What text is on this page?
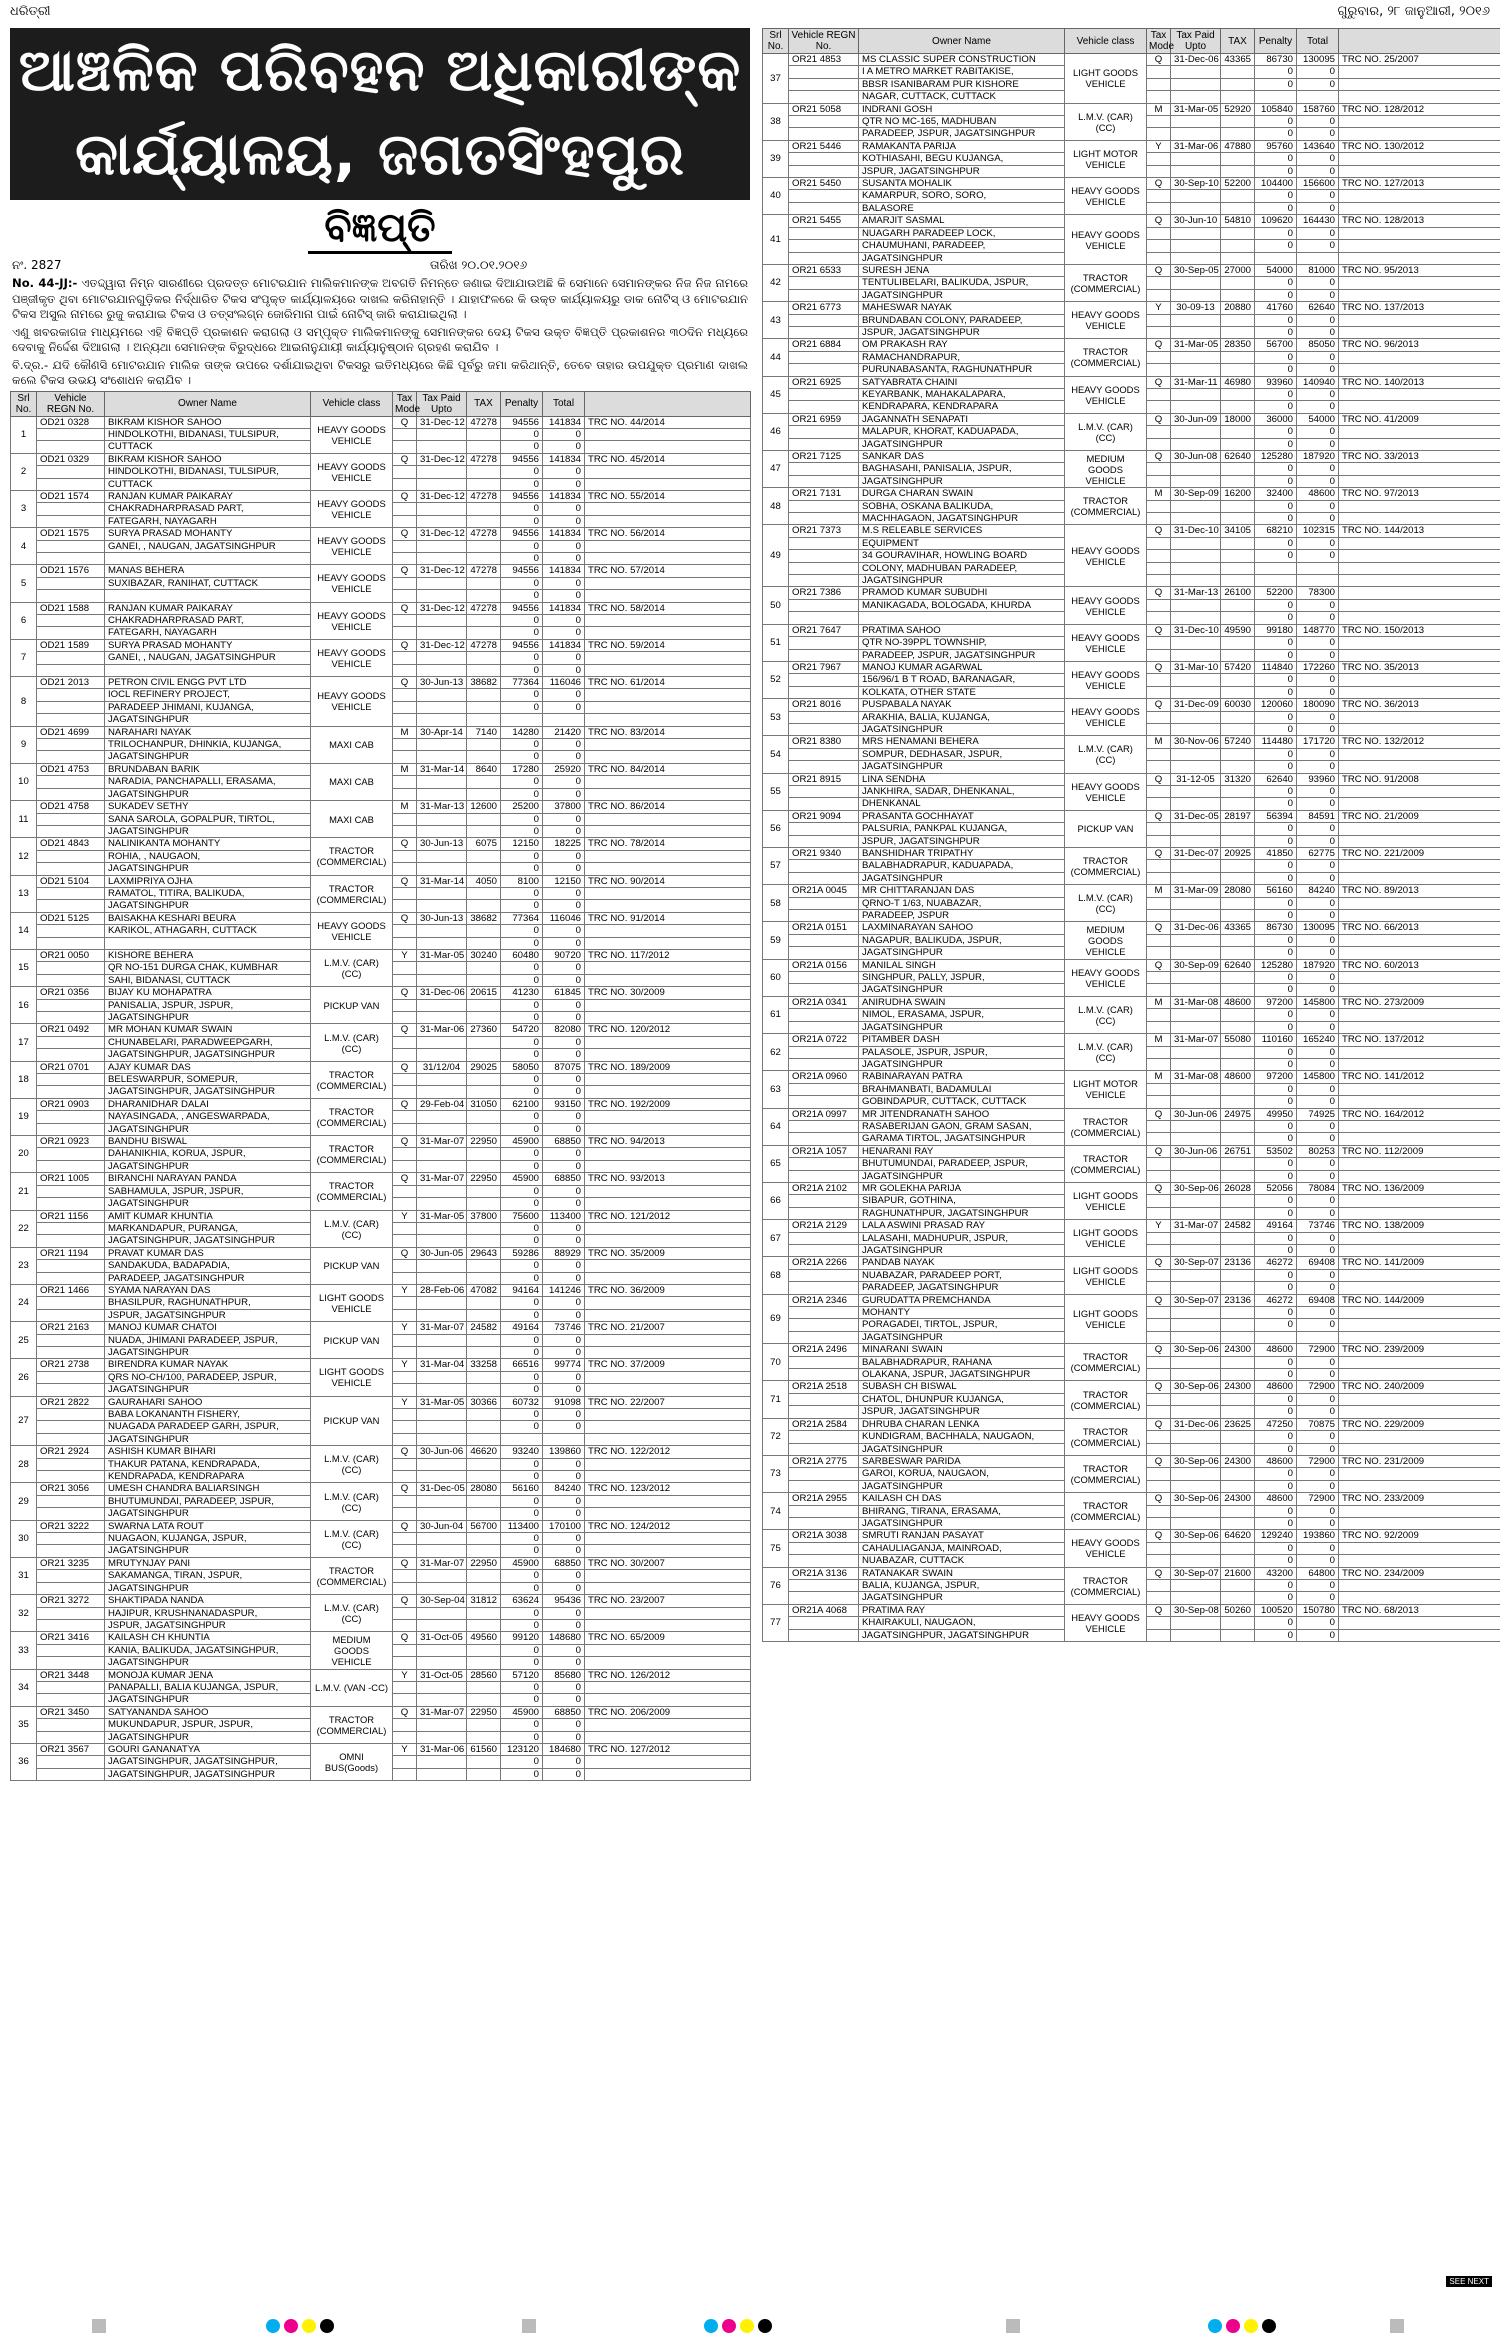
ଧରିତ୍ରୀ	ଗୁରୁବାର, ୨୮ ଜାନୁଆରୀ, ୨୦୧୬
ଆଞ୍ଚଳିକ ପରିବହନ ଅଧିକାରୀଙ୍କ
କାର୍ଯ୍ୟାଳୟ, ଜଗତସିଂହପୁର
ବିଜ୍ଞପ୍ତି
ନଂ. 2827	ତାରିଖ ୨୦.୦୧.୨୦୧୬

No. 44-JJ:- ଏତଦ୍ଦ୍ୱାରା ନିମ୍ନ ସାରଣୀରେ ପ୍ରଦତ୍ତ ମୋଟରଯାନ ମାଲିକମାନଙ୍କ ଅବଗତି ନିମନ୍ତେ ଜଣାଇ ଦିଆଯାଉଅଛି କି ସେମାନେ ସେମାନଙ୍କର ନିଜ ନିଜ ନାମରେ ପଞ୍ଜୀକୃତ ଥିବା ମୋଟରଯାନଗୁଡ଼ିକର ନିର୍ଦ୍ଧାରିତ ଟିକସ ସଂପୃକ୍ତ କାର୍ଯ୍ୟାଳୟରେ ଦାଖଲ କରିନାହାନ୍ତି । ଯାହାଫଳରେ କି ଉକ୍ତ କାର୍ଯ୍ୟାଳୟରୁ ଡାକ ନୋଟିସ୍ ଓ ମୋଟରଯାନ ଟିକସ ଅସୁଲ ନାମରେ ରୁଜୁ କରାଯାଇ ଟିକସ ଓ ତତ୍ସଂଲଗ୍ନ ଜୋରିମାନା ପାଇଁ ନୋଟିସ୍ ଜାରି କରାଯାଇଥିଲା ।

ଏଣୁ ଖବରକାଗଜ ମାଧ୍ୟମରେ ଏହି ବିଜ୍ଞପ୍ତି ପ୍ରକାଶନ କରାଗଲା ଓ ସମ୍ପୃକ୍ତ ମାଲିକମାନଙ୍କୁ ସେମାନଙ୍କର ଦେୟ ଟିକସ ଉକ୍ତ ବିଜ୍ଞପ୍ତି ପ୍ରକାଶନର ୩୦ଦିନ ମଧ୍ୟରେ ଦେବାକୁ ନିର୍ଦ୍ଦେଶ ଦିଆଗଲା । ଅନ୍ୟଥା ସେମାନଙ୍କ ବିରୁଦ୍ଧରେ ଆଇନାନୁଯାୟୀ କାର୍ଯ୍ୟାନୁଷ୍ଠାନ ଗ୍ରହଣ କରାଯିବ ।

ବି.ଦ୍ର.- ଯଦି କୌଣସି ମୋଟରଯାନ ମାଲିକ ତାଙ୍କ ଉପରେ ଦର୍ଶାଯାଇଥିବା ଟିକସରୁ ଇତିମଧ୍ୟରେ କିଛି ପୂର୍ବରୁ ଜମା କରିଥାନ୍ତି, ତେବେ ତାହାର ଉପଯୁକ୍ତ ପ୍ରମାଣ ଦାଖଲ କଲେ ଟିକସ ଉଭୟ ସଂଶୋଧନ କରାଯିବ ।

Srl No.	Vehicle REGN No.	Owner Name	Vehicle class	Tax Mode	Tax Paid Upto	TAX	Penalty	Total	
1	OD21 0328	BIKRAM KISHOR SAHOO	HEAVY GOODS VEHICLE	Q	31-Dec-12	47278	94556	141834	TRC NO. 44/2014
		HINDOLKOTHI, BIDANASI, TULSIPUR,					0	0	
		CUTTACK					0	0	
2	OD21 0329	BIKRAM KISHOR SAHOO	HEAVY GOODS VEHICLE	Q	31-Dec-12	47278	94556	141834	TRC NO. 45/2014
		HINDOLKOTHI, BIDANASI, TULSIPUR,					0	0	
		CUTTACK					0	0	
3	OD21 1574	RANJAN KUMAR PAIKARAY	HEAVY GOODS VEHICLE	Q	31-Dec-12	47278	94556	141834	TRC NO. 55/2014
		CHAKRADHARPRASAD PART,					0	0	
		FATEGARH, NAYAGARH					0	0	
4	OD21 1575	SURYA PRASAD MOHANTY	HEAVY GOODS VEHICLE	Q	31-Dec-12	47278	94556	141834	TRC NO. 56/2014
		GANEI, , NAUGAN, JAGATSINGHPUR					0	0	
							0	0	
5	OD21 1576	MANAS BEHERA	HEAVY GOODS VEHICLE	Q	31-Dec-12	47278	94556	141834	TRC NO. 57/2014
		SUXIBAZAR, RANIHAT, CUTTACK					0	0	
							0	0	
6	OD21 1588	RANJAN KUMAR PAIKARAY	HEAVY GOODS VEHICLE	Q	31-Dec-12	47278	94556	141834	TRC NO. 58/2014
		CHAKRADHARPRASAD PART,					0	0	
		FATEGARH, NAYAGARH					0	0	
7	OD21 1589	SURYA PRASAD MOHANTY	HEAVY GOODS VEHICLE	Q	31-Dec-12	47278	94556	141834	TRC NO. 59/2014
		GANEI, , NAUGAN, JAGATSINGHPUR					0	0	
							0	0	
8	OD21 2013	PETRON CIVIL ENGG PVT LTD	HEAVY GOODS VEHICLE	Q	30-Jun-13	38682	77364	116046	TRC NO. 61/2014
		IOCL REFINERY PROJECT,					0	0	
		PARADEEP JHIMANI, KUJANGA,					0	0	
		JAGATSINGHPUR							
9	OD21 4699	NARAHARI NAYAK	MAXI CAB	M	30-Apr-14	7140	14280	21420	TRC NO. 83/2014
		TRILOCHANPUR, DHINKIA, KUJANGA,					0	0	
		JAGATSINGHPUR					0	0	
10	OD21 4753	BRUNDABAN BARIK	MAXI CAB	M	31-Mar-14	8640	17280	25920	TRC NO. 84/2014
		NARADIA, PANCHAPALLI, ERASAMA,					0	0	
		JAGATSINGHPUR					0	0	
11	OD21 4758	SUKADEV SETHY	MAXI CAB	M	31-Mar-13	12600	25200	37800	TRC NO. 86/2014
		SANA SAROLA, GOPALPUR, TIRTOL,					0	0	
		JAGATSINGHPUR					0	0	
12	OD21 4843	NALINIKANTA MOHANTY	TRACTOR (COMMERCIAL)	Q	30-Jun-13	6075	12150	18225	TRC NO. 78/2014
		ROHIA, , NAUGAON,					0	0	
		JAGATSINGHPUR					0	0	
13	OD21 5104	LAXMIPRIYA OJHA	TRACTOR (COMMERCIAL)	Q	31-Mar-14	4050	8100	12150	TRC NO. 90/2014
		RAMATOL, TITIRA, BALIKUDA,					0	0	
		JAGATSINGHPUR					0	0	
14	OD21 5125	BAISAKHA KESHARI BEURA	HEAVY GOODS VEHICLE	Q	30-Jun-13	38682	77364	116046	TRC NO. 91/2014
		KARIKOL, ATHAGARH, CUTTACK					0	0	
							0	0	
15	OR21 0050	KISHORE BEHERA	L.M.V. (CAR) (CC)	Y	31-Mar-05	30240	60480	90720	TRC NO. 117/2012
		QR NO-151 DURGA CHAK, KUMBHAR					0	0	
		SAHI, BIDANASI, CUTTACK					0	0	
16	OR21 0356	BIJAY KU MOHAPATRA	PICKUP VAN	Q	31-Dec-06	20615	41230	61845	TRC NO. 30/2009
		PANISALIA, JSPUR, JSPUR,					0	0	
		JAGATSINGHPUR					0	0	
17	OR21 0492	MR MOHAN KUMAR SWAIN	L.M.V. (CAR) (CC)	Q	31-Mar-06	27360	54720	82080	TRC NO. 120/2012
		CHUNABELARI, PARADWEEPGARH,					0	0	
		JAGATSINGHPUR, JAGATSINGHPUR					0	0	
18	OR21 0701	AJAY KUMAR DAS	TRACTOR (COMMERCIAL)	Q	31/12/04	29025	58050	87075	TRC NO. 189/2009
		BELESWARPUR, SOMEPUR,					0	0	
		JAGATSINGHPUR, JAGATSINGHPUR					0	0	
19	OR21 0903	DHARANIDHAR DALAI	TRACTOR (COMMERCIAL)	Q	29-Feb-04	31050	62100	93150	TRC NO. 192/2009
		NAYASINGADA, , ANGESWARPADA,					0	0	
		JAGATSINGHPUR					0	0	
20	OR21 0923	BANDHU BISWAL	TRACTOR (COMMERCIAL)	Q	31-Mar-07	22950	45900	68850	TRC NO. 94/2013
		DAHANIKHIA, KORUA, JSPUR,					0	0	
		JAGATSINGHPUR					0	0	
21	OR21 1005	BIRANCHI NARAYAN PANDA	TRACTOR (COMMERCIAL)	Q	31-Mar-07	22950	45900	68850	TRC NO. 93/2013
		SABHAMULA, JSPUR, JSPUR,					0	0	
		JAGATSINGHPUR					0	0	
22	OR21 1156	AMIT KUMAR KHUNTIA	L.M.V. (CAR) (CC)	Y	31-Mar-05	37800	75600	113400	TRC NO. 121/2012
		MARKANDAPUR, PURANGA,					0	0	
		JAGATSINGHPUR, JAGATSINGHPUR					0	0	
23	OR21 1194	PRAVAT KUMAR DAS	PICKUP VAN	Q	30-Jun-05	29643	59286	88929	TRC NO. 35/2009
		SANDAKUDA, BADAPADIA,					0	0	
		PARADEEP, JAGATSINGHPUR					0	0	
24	OR21 1466	SYAMA NARAYAN DAS	LIGHT GOODS VEHICLE	Y	28-Feb-06	47082	94164	141246	TRC NO. 36/2009
		BHASILPUR, RAGHUNATHPUR,					0	0	
		JSPUR, JAGATSINGHPUR					0	0	
25	OR21 2163	MANOJ KUMAR CHATOI	PICKUP VAN	Y	31-Mar-07	24582	49164	73746	TRC NO. 21/2007
		NUADA, JHIMANI PARADEEP, JSPUR,					0	0	
		JAGATSINGHPUR					0	0	
26	OR21 2738	BIRENDRA KUMAR NAYAK	LIGHT GOODS VEHICLE	Y	31-Mar-04	33258	66516	99774	TRC NO. 37/2009
		QRS NO-CH/100, PARADEEP, JSPUR,					0	0	
		JAGATSINGHPUR					0	0	
27	OR21 2822	GAURAHARI SAHOO	PICKUP VAN	Y	31-Mar-05	30366	60732	91098	TRC NO. 22/2007
		BABA LOKANANTH FISHERY,					0	0	
		NUAGADA PARADEEP GARH, JSPUR,					0	0	
		JAGATSINGHPUR							
28	OR21 2924	ASHISH KUMAR BIHARI	L.M.V. (CAR) (CC)	Q	30-Jun-06	46620	93240	139860	TRC NO. 122/2012
		THAKUR PATANA, KENDRAPADA,					0	0	
		KENDRAPADA, KENDRAPARA					0	0	
29	OR21 3056	UMESH CHANDRA BALIARSINGH	L.M.V. (CAR) (CC)	Q	31-Dec-05	28080	56160	84240	TRC NO. 123/2012
		BHUTUMUNDAI, PARADEEP, JSPUR,					0	0	
		JAGATSINGHPUR					0	0	
30	OR21 3222	SWARNA LATA ROUT	L.M.V. (CAR) (CC)	Q	30-Jun-04	56700	113400	170100	TRC NO. 124/2012
		NUAGAON, KUJANGA, JSPUR,					0	0	
		JAGATSINGHPUR					0	0	
31	OR21 3235	MRUTYNJAY PANI	TRACTOR (COMMERCIAL)	Q	31-Mar-07	22950	45900	68850	TRC NO. 30/2007
		SAKAMANGA, TIRAN, JSPUR,					0	0	
		JAGATSINGHPUR					0	0	
32	OR21 3272	SHAKTIPADA NANDA	L.M.V. (CAR) (CC)	Q	30-Sep-04	31812	63624	95436	TRC NO. 23/2007
		HAJIPUR, KRUSHNANADASPUR,					0	0	
		JSPUR, JAGATSINGHPUR					0	0	
33	OR21 3416	KAILASH CH KHUNTIA	MEDIUM GOODS VEHICLE	Q	31-Oct-05	49560	99120	148680	TRC NO. 65/2009
		KANIA, BALIKUDA, JAGATSINGHPUR,					0	0	
		JAGATSINGHPUR					0	0	
34	OR21 3448	MONOJA KUMAR JENA	L.M.V. (VAN -CC)	Y	31-Oct-05	28560	57120	85680	TRC NO. 126/2012
		PANAPALLI, BALIA KUJANGA, JSPUR,					0	0	
		JAGATSINGHPUR					0	0	
35	OR21 3450	SATYANANDA SAHOO	TRACTOR (COMMERCIAL)	Q	31-Mar-07	22950	45900	68850	TRC NO. 206/2009
		MUKUNDAPUR, JSPUR, JSPUR,					0	0	
		JAGATSINGHPUR					0	0	
36	OR21 3567	GOURI GANANATYA	OMNI BUS(Goods)	Y	31-Mar-06	61560	123120	184680	TRC NO. 127/2012
		JAGATSINGHPUR, JAGATSINGHPUR,					0	0	
		JAGATSINGHPUR, JAGATSINGHPUR					0	0	
Srl No.	Vehicle REGN No.	Owner Name	Vehicle class	Tax Mode	Tax Paid Upto	TAX	Penalty	Total	
37	OR21 4853	MS CLASSIC SUPER CONSTRUCTION	LIGHT GOODS VEHICLE	Q	31-Dec-06	43365	86730	130095	TRC NO. 25/2007
		I A METRO MARKET RABITAKISE,					0	0	
		BBSR ISANIBARAM PUR KISHORE					0	0	
		NAGAR, CUTTACK, CUTTACK							
38	OR21 5058	INDRANI GOSH	L.M.V. (CAR) (CC)	M	31-Mar-05	52920	105840	158760	TRC NO. 128/2012
		QTR NO MC-165, MADHUBAN					0	0	
		PARADEEP, JSPUR, JAGATSINGHPUR					0	0	
39	OR21 5446	RAMAKANTA PARIJA	LIGHT MOTOR VEHICLE	Y	31-Mar-06	47880	95760	143640	TRC NO. 130/2012
		KOTHIASAHI, BEGU KUJANGA,					0	0	
		JSPUR, JAGATSINGHPUR					0	0	
40	OR21 5450	SUSANTA MOHALIK	HEAVY GOODS VEHICLE	Q	30-Sep-10	52200	104400	156600	TRC NO. 127/2013
		KAMARPUR, SORO, SORO,					0	0	
		BALASORE					0	0	
41	OR21 5455	AMARJIT SASMAL	HEAVY GOODS VEHICLE	Q	30-Jun-10	54810	109620	164430	TRC NO. 128/2013
		NUAGARH PARADEEP LOCK,					0	0	
		CHAUMUHANI, PARADEEP,					0	0	
		JAGATSINGHPUR							
42	OR21 6533	SURESH JENA	TRACTOR (COMMERCIAL)	Q	30-Sep-05	27000	54000	81000	TRC NO. 95/2013
		TENTULIBELARI, BALIKUDA, JSPUR,					0	0	
		JAGATSINGHPUR					0	0	
43	OR21 6773	MAHESWAR NAYAK	HEAVY GOODS VEHICLE	Y	30-09-13	20880	41760	62640	TRC NO. 137/2013
		BRUNDABAN COLONY, PARADEEP,					0	0	
		JSPUR, JAGATSINGHPUR					0	0	
44	OR21 6884	OM PRAKASH RAY	TRACTOR (COMMERCIAL)	Q	31-Mar-05	28350	56700	85050	TRC NO. 96/2013
		RAMACHANDRAPUR,					0	0	
		PURUNABASANTA, RAGHUNATHPUR					0	0	
45	OR21 6925	SATYABRATA CHAINI	HEAVY GOODS VEHICLE	Q	31-Mar-11	46980	93960	140940	TRC NO. 140/2013
		KEYARBANK, MAHAKALAPARA,					0	0	
		KENDRAPARA, KENDRAPARA					0	0	
46	OR21 6959	JAGANNATH SENAPATI	L.M.V. (CAR) (CC)	Q	30-Jun-09	18000	36000	54000	TRC NO. 41/2009
		MALAPUR, KHORAT, KADUAPADA,					0	0	
		JAGATSINGHPUR					0	0	
47	OR21 7125	SANKAR DAS	MEDIUM GOODS VEHICLE	Q	30-Jun-08	62640	125280	187920	TRC NO. 33/2013
		BAGHASAHI, PANISALIA, JSPUR,					0	0	
		JAGATSINGHPUR					0	0	
48	OR21 7131	DURGA CHARAN SWAIN	TRACTOR (COMMERCIAL)	M	30-Sep-09	16200	32400	48600	TRC NO. 97/2013
		SOBHA, OSKANA BALIKUDA,					0	0	
		MACHHAGAON, JAGATSINGHPUR					0	0	
49	OR21 7373	M.S RELEABLE SERVICES	HEAVY GOODS VEHICLE	Q	31-Dec-10	34105	68210	102315	TRC NO. 144/2013
		EQUIPMENT					0	0	
		34 GOURAVIHAR, HOWLING BOARD					0	0	
		COLONY, MADHUBAN PARADEEP,							
		JAGATSINGHPUR							
50	OR21 7386	PRAMOD KUMAR SUBUDHI	HEAVY GOODS VEHICLE	Q	31-Mar-13	26100	52200	78300	
		MANIKAGADA, BOLOGADA, KHURDA					0	0	
							0	0	
51	OR21 7647	PRATIMA SAHOO	HEAVY GOODS VEHICLE	Q	31-Dec-10	49590	99180	148770	TRC NO. 150/2013
		QTR NO-39PPL TOWNSHIP,					0	0	
		PARADEEP, JSPUR, JAGATSINGHPUR					0	0	
52	OR21 7967	MANOJ KUMAR AGARWAL	HEAVY GOODS VEHICLE	Q	31-Mar-10	57420	114840	172260	TRC NO. 35/2013
		156/96/1 B T ROAD, BARANAGAR,					0	0	
		KOLKATA, OTHER STATE					0	0	
53	OR21 8016	PUSPABALA NAYAK	HEAVY GOODS VEHICLE	Q	31-Dec-09	60030	120060	180090	TRC NO. 36/2013
		ARAKHIA, BALIA, KUJANGA,					0	0	
		JAGATSINGHPUR					0	0	
54	OR21 8380	MRS HENAMANI BEHERA	L.M.V. (CAR) (CC)	M	30-Nov-06	57240	114480	171720	TRC NO. 132/2012
		SOMPUR, DEDHASAR, JSPUR,					0	0	
		JAGATSINGHPUR					0	0	
55	OR21 8915	LINA SENDHA	HEAVY GOODS VEHICLE	Q	31-12-05	31320	62640	93960	TRC NO. 91/2008
		JANKHIRA, SADAR, DHENKANAL,					0	0	
		DHENKANAL					0	0	
56	OR21 9094	PRASANTA GOCHHAYAT	PICKUP VAN	Q	31-Dec-05	28197	56394	84591	TRC NO. 21/2009
		PALSURIA, PANKPAL KUJANGA,					0	0	
		JSPUR, JAGATSINGHPUR					0	0	
57	OR21 9340	BANSHIDHAR TRIPATHY	TRACTOR (COMMERCIAL)	Q	31-Dec-07	20925	41850	62775	TRC NO. 221/2009
		BALABHADRAPUR, KADUAPADA,					0	0	
		JAGATSINGHPUR					0	0	
58	OR21A 0045	MR CHITTARANJAN DAS	L.M.V. (CAR) (CC)	M	31-Mar-09	28080	56160	84240	TRC NO. 89/2013
		QRNO-T 1/63, NUABAZAR,					0	0	
		PARADEEP, JSPUR					0	0	
59	OR21A 0151	LAXMINARAYAN SAHOO	MEDIUM GOODS VEHICLE	Q	31-Dec-06	43365	86730	130095	TRC NO. 66/2013
		NAGAPUR, BALIKUDA, JSPUR,					0	0	
		JAGATSINGHPUR					0	0	
60	OR21A 0156	MANILAL SINGH	HEAVY GOODS VEHICLE	Q	30-Sep-09	62640	125280	187920	TRC NO. 60/2013
		SINGHPUR, PALLY, JSPUR,					0	0	
		JAGATSINGHPUR					0	0	
61	OR21A 0341	ANIRUDHA SWAIN	L.M.V. (CAR) (CC)	M	31-Mar-08	48600	97200	145800	TRC NO. 273/2009
		NIMOL, ERASAMA, JSPUR,					0	0	
		JAGATSINGHPUR					0	0	
62	OR21A 0722	PITAMBER DASH	L.M.V. (CAR) (CC)	M	31-Mar-07	55080	110160	165240	TRC NO. 137/2012
		PALASOLE, JSPUR, JSPUR,					0	0	
		JAGATSINGHPUR					0	0	
63	OR21A 0960	RABINARAYAN PATRA	LIGHT MOTOR VEHICLE	M	31-Mar-08	48600	97200	145800	TRC NO. 141/2012
		BRAHMANBATI, BADAMULAI					0	0	
		GOBINDAPUR, CUTTACK, CUTTACK					0	0	
64	OR21A 0997	MR JITENDRANATH SAHOO	TRACTOR (COMMERCIAL)	Q	30-Jun-06	24975	49950	74925	TRC NO. 164/2012
		RASABERIJAN GAON, GRAM SASAN,					0	0	
		GARAMA TIRTOL, JAGATSINGHPUR					0	0	
65	OR21A 1057	HENARANI RAY	TRACTOR (COMMERCIAL)	Q	30-Jun-06	26751	53502	80253	TRC NO. 112/2009
		BHUTUMUNDAI, PARADEEP, JSPUR,					0	0	
		JAGATSINGHPUR					0	0	
66	OR21A 2102	MR GOLEKHA PARIJA	LIGHT GOODS VEHICLE	Q	30-Sep-06	26028	52056	78084	TRC NO. 136/2009
		SIBAPUR, GOTHINA,					0	0	
		RAGHUNATHPUR, JAGATSINGHPUR					0	0	
67	OR21A 2129	LALA ASWINI PRASAD RAY	LIGHT GOODS VEHICLE	Y	31-Mar-07	24582	49164	73746	TRC NO. 138/2009
		LALASAHI, MADHUPUR, JSPUR,					0	0	
		JAGATSINGHPUR					0	0	
68	OR21A 2266	PANDAB NAYAK	LIGHT GOODS VEHICLE	Q	30-Sep-07	23136	46272	69408	TRC NO. 141/2009
		NUABAZAR, PARADEEP PORT,					0	0	
		PARADEEP, JAGATSINGHPUR					0	0	
69	OR21A 2346	GURUDATTA PREMCHANDA	LIGHT GOODS VEHICLE	Q	30-Sep-07	23136	46272	69408	TRC NO. 144/2009
		MOHANTY					0	0	
		PORAGADEI, TIRTOL, JSPUR,					0	0	
		JAGATSINGHPUR							
70	OR21A 2496	MINARANI SWAIN	TRACTOR (COMMERCIAL)	Q	30-Sep-06	24300	48600	72900	TRC NO. 239/2009
		BALABHADRAPUR, RAHANA					0	0	
		OLAKANA, JSPUR, JAGATSINGHPUR					0	0	
71	OR21A 2518	SUBASH CH BISWAL	TRACTOR (COMMERCIAL)	Q	30-Sep-06	24300	48600	72900	TRC NO. 240/2009
		CHATOL, DHUNPUR KUJANGA,					0	0	
		JSPUR, JAGATSINGHPUR					0	0	
72	OR21A 2584	DHRUBA CHARAN LENKA	TRACTOR (COMMERCIAL)	Q	31-Dec-06	23625	47250	70875	TRC NO. 229/2009
		KUNDIGRAM, BACHHALA, NAUGAON,					0	0	
		JAGATSINGHPUR					0	0	
73	OR21A 2775	SARBESWAR PARIDA	TRACTOR (COMMERCIAL)	Q	30-Sep-06	24300	48600	72900	TRC NO. 231/2009
		GAROI, KORUA, NAUGAON,					0	0	
		JAGATSINGHPUR					0	0	
74	OR21A 2955	KAILASH CH DAS	TRACTOR (COMMERCIAL)	Q	30-Sep-06	24300	48600	72900	TRC NO. 233/2009
		BHIRANG, TIRANA, ERASAMA,					0	0	
		JAGATSINGHPUR					0	0	
75	OR21A 3038	SMRUTI RANJAN PASAYAT	HEAVY GOODS VEHICLE	Q	30-Sep-06	64620	129240	193860	TRC NO. 92/2009
		CAHAULIAGANJA, MAINROAD,					0	0	
		NUABAZAR, CUTTACK					0	0	
76	OR21A 3136	RATANAKAR SWAIN	TRACTOR (COMMERCIAL)	Q	30-Sep-07	21600	43200	64800	TRC NO. 234/2009
		BALIA, KUJANGA, JSPUR,					0	0	
		JAGATSINGHPUR					0	0	
77	OR21A 4068	PRATIMA RAY	HEAVY GOODS VEHICLE	Q	30-Sep-08	50260	100520	150780	TRC NO. 68/2013
		KHAIRAKULI, NAUGAON,					0	0	
		JAGATSINGHPUR, JAGATSINGHPUR					0	0	
SEE NEXT
